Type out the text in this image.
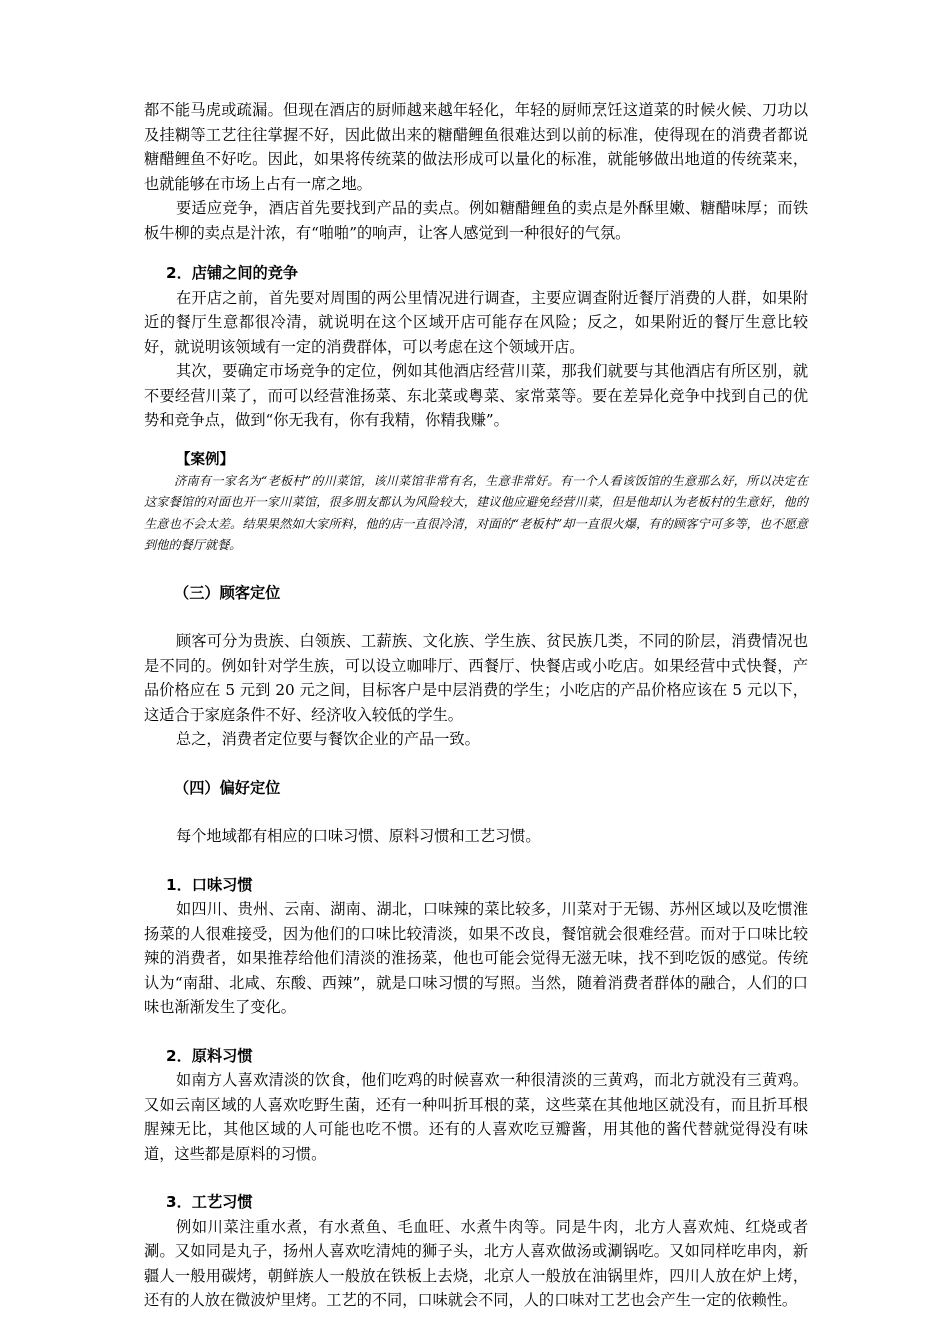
都不能马虎或疏漏。但现在酒店的厨师越来越年轻化，年轻的厨师烹饪这道菜的时候火候、刀功以及挂糊等工艺往往掌握不好，因此做出来的糖醋鲤鱼很难达到以前的标准，使得现在的消费者都说糖醋鲤鱼不好吃。因此，如果将传统菜的做法形成可以量化的标准，就能够做出地道的传统菜来，也就能够在市场上占有一席之地。

要适应竞争，酒店首先要找到产品的卖点。例如糖醋鲤鱼的卖点是外酥里嫩、糖醋味厚；而铁板牛柳的卖点是汁浓，有“啪啪”的响声，让客人感觉到一种很好的气氛。

2．店铺之间的竞争

在开店之前，首先要对周围的两公里情况进行调查，主要应调查附近餐厅消费的人群，如果附近的餐厅生意都很冷清，就说明在这个区域开店可能存在风险；反之，如果附近的餐厅生意比较好，就说明该领域有一定的消费群体，可以考虑在这个领域开店。

其次，要确定市场竞争的定位，例如其他酒店经营川菜，那我们就要与其他酒店有所区别，就不要经营川菜了，而可以经营淮扬菜、东北菜或粤菜、家常菜等。要在差异化竞争中找到自己的优势和竞争点，做到“你无我有，你有我精，你精我赚”。

【案例】

济南有一家名为“老板村”的川菜馆，该川菜馆非常有名，生意非常好。有一个人看该饭馆的生意那么好，所以决定在这家餐馆的对面也开一家川菜馆，很多朋友都认为风险较大，建议他应避免经营川菜，但是他却认为老板村的生意好，他的生意也不会太差。结果果然如大家所料，他的店一直很冷清，对面的“老板村”却一直很火爆，有的顾客宁可多等，也不愿意到他的餐厅就餐。

（三）顾客定位

顾客可分为贵族、白领族、工薪族、文化族、学生族、贫民族几类，不同的阶层，消费情况也是不同的。例如针对学生族，可以设立咖啡厅、西餐厅、快餐店或小吃店。如果经营中式快餐，产品价格应在 5 元到 20 元之间，目标客户是中层消费的学生；小吃店的产品价格应该在 5 元以下，这适合于家庭条件不好、经济收入较低的学生。

总之，消费者定位要与餐饮企业的产品一致。

（四）偏好定位

每个地域都有相应的口味习惯、原料习惯和工艺习惯。

1．口味习惯

如四川、贵州、云南、湖南、湖北，口味辣的菜比较多，川菜对于无锡、苏州区域以及吃惯淮扬菜的人很难接受，因为他们的口味比较清淡，如果不改良，餐馆就会很难经营。而对于口味比较辣的消费者，如果推荐给他们清淡的淮扬菜，他也可能会觉得无滋无味，找不到吃饭的感觉。传统认为“南甜、北咸、东酸、西辣”，就是口味习惯的写照。当然，随着消费者群体的融合，人们的口味也渐渐发生了变化。

2．原料习惯

如南方人喜欢清淡的饮食，他们吃鸡的时候喜欢一种很清淡的三黄鸡，而北方就没有三黄鸡。又如云南区域的人喜欢吃野生菌，还有一种叫折耳根的菜，这些菜在其他地区就没有，而且折耳根腥辣无比，其他区域的人可能也吃不惯。还有的人喜欢吃豆瓣酱，用其他的酱代替就觉得没有味道，这些都是原料的习惯。

3．工艺习惯

例如川菜注重水煮，有水煮鱼、毛血旺、水煮牛肉等。同是牛肉，北方人喜欢炖、红烧或者涮。又如同是丸子，扬州人喜欢吃清炖的狮子头，北方人喜欢做汤或涮锅吃。又如同样吃串肉，新疆人一般用碳烤，朝鲜族人一般放在铁板上去烧，北京人一般放在油锅里炸，四川人放在炉上烤，还有的人放在微波炉里烤。工艺的不同，口味就会不同，人的口味对工艺也会产生一定的依赖性。
